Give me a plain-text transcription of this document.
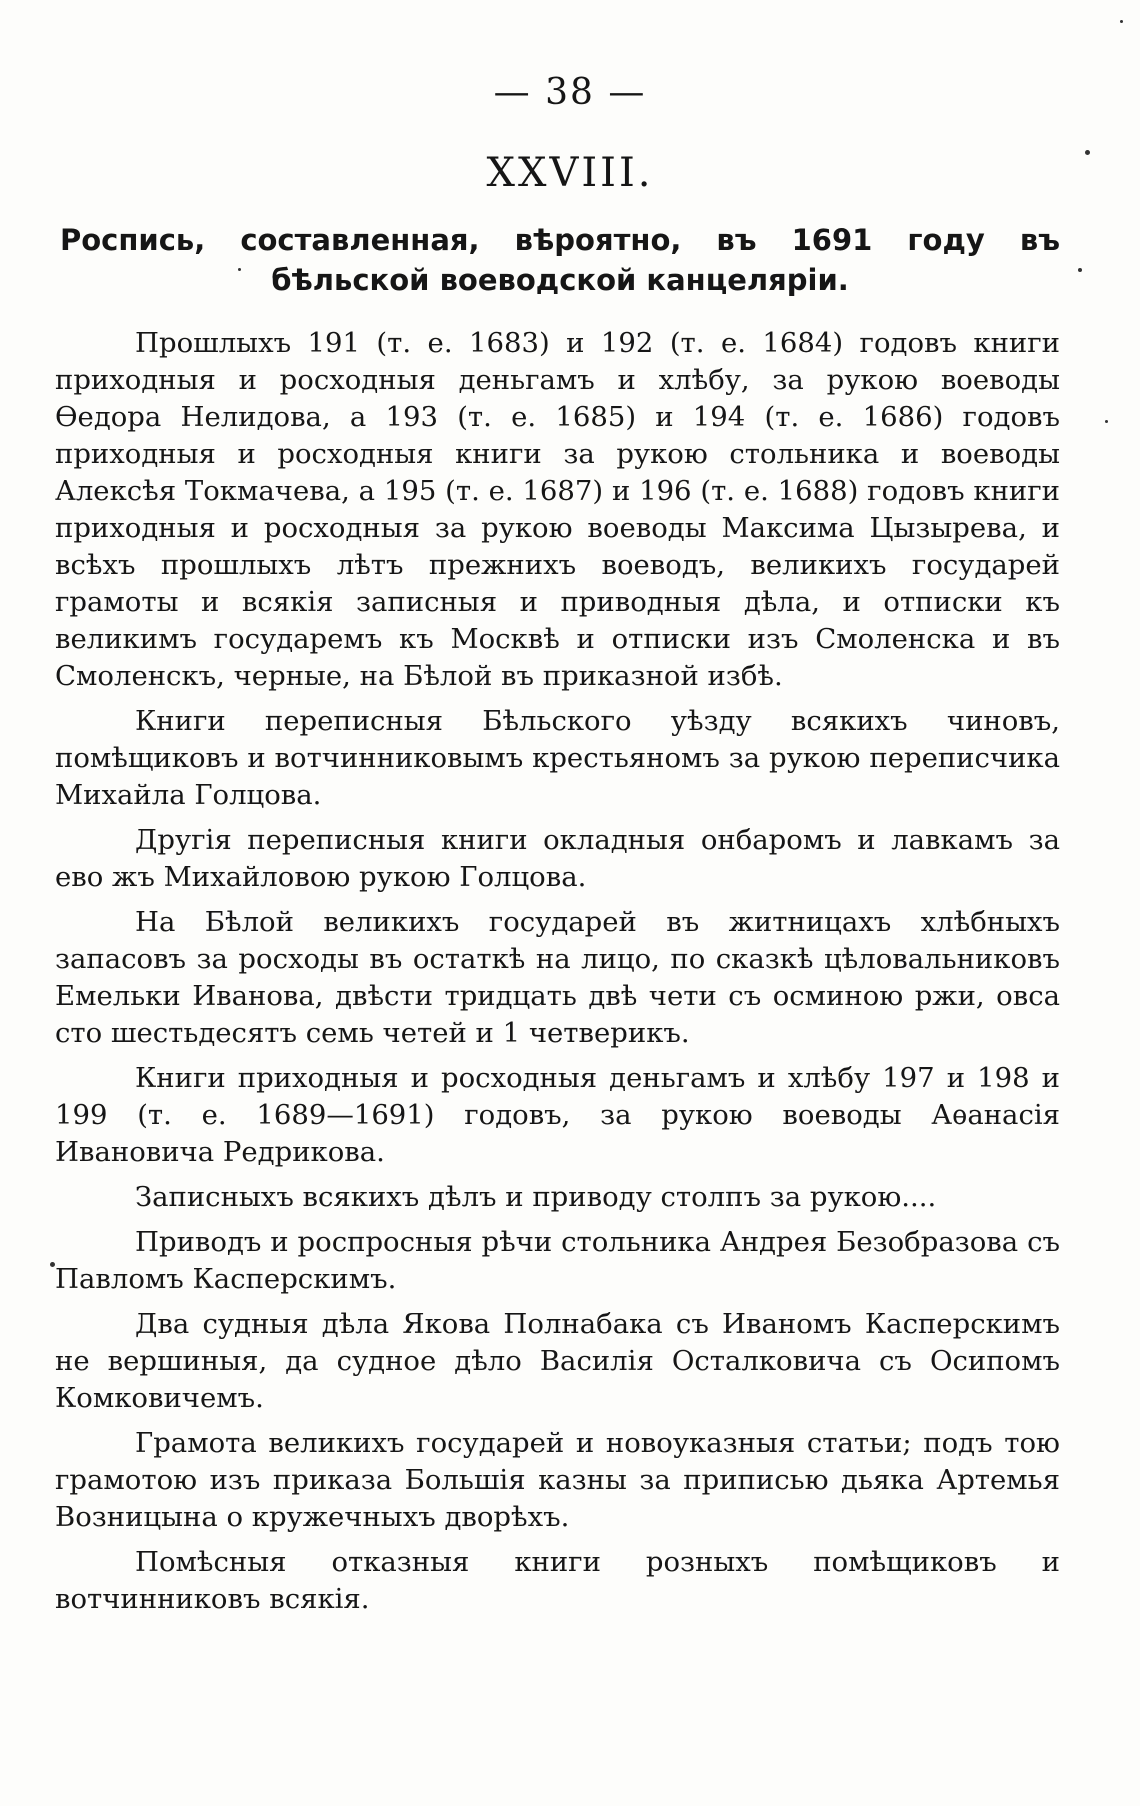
— 38 —
XXVIII.
Роспись, составленная, вѣроятно, въ 1691 году въ бѣльской воеводской канцеляріи.

Прошлыхъ 191 (т. е. 1683) и 192 (т. е. 1684) годовъ книги приходныя и росходныя деньгамъ и хлѣбу, за рукою воеводы Ѳедора Нелидова, а 193 (т. е. 1685) и 194 (т. е. 1686) годовъ приходныя и росходныя книги за рукою стольника и воеводы Алексѣя Токмачева, а 195 (т. е. 1687) и 196 (т. е. 1688) годовъ книги приходныя и росходныя за рукою воеводы Максима Цызырева, и всѣхъ прошлыхъ лѣтъ прежнихъ воеводъ, великихъ государей грамоты и всякія записныя и приводныя дѣла, и отписки къ великимъ государемъ къ Москвѣ и отписки изъ Смоленска и въ Смоленскъ, черные, на Бѣлой въ приказной избѣ.

Книги переписныя Бѣльского уѣзду всякихъ чиновъ, помѣщиковъ и вотчинниковымъ крестьяномъ за рукою переписчика Михайла Голцова.

Другія переписныя книги окладныя онбаромъ и лавкамъ за ево жъ Михайловою рукою Голцова.

На Бѣлой великихъ государей въ житницахъ хлѣбныхъ запасовъ за росходы въ остаткѣ на лицо, по сказкѣ цѣловальниковъ Емельки Иванова, двѣсти тридцать двѣ чети съ осминою ржи, овса сто шестьдесятъ семь четей и 1 четверикъ.

Книги приходныя и росходныя деньгамъ и хлѣбу 197 и 198 и 199 (т. е. 1689—1691) годовъ, за рукою воеводы Аѳанасія Ивановича Редрикова.

Записныхъ всякихъ дѣлъ и приводу столпъ за рукою....

Приводъ и роспросныя рѣчи стольника Андрея Безобразова съ Павломъ Касперскимъ.

Два судныя дѣла Якова Полнабака съ Иваномъ Касперскимъ не вершиныя, да судное дѣло Василія Осталковича съ Осипомъ Комковичемъ.

Грамота великихъ государей и новоуказныя статьи; подъ тою грамотою изъ приказа Большія казны за приписью дьяка Артемья Возницына о кружечныхъ дворѣхъ.

Помѣсныя отказныя книги розныхъ помѣщиковъ и вотчинниковъ всякія.
